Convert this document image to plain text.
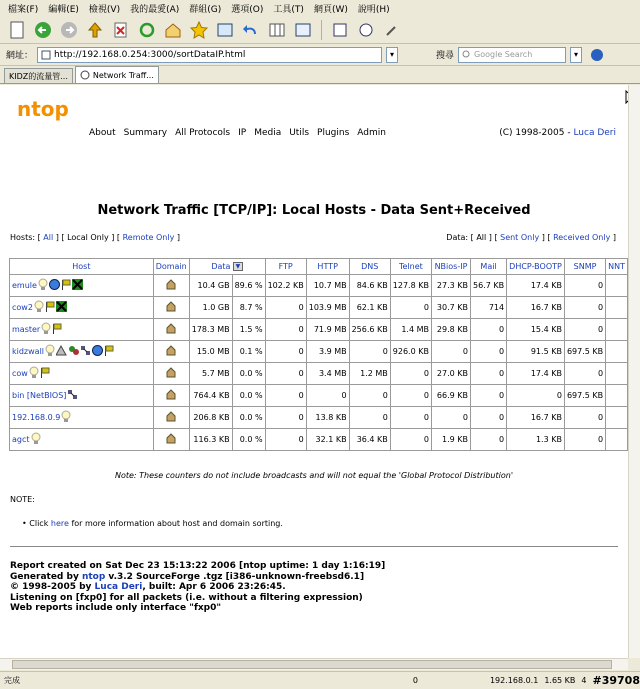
檔案(F) 編輯(E) 檢視(V) 我的最愛(A) 群組(G) 選項(O) 工具(T) 網頁(W) 說明(H)
網址： http://192.168.0.254:3000/sortDataIP.html	▾	搜尋	Google Search	▾
KIDZ的流量管...	Network Traff...
ntop
About Summary All Protocols IP Media Utils Plugins Admin	(C) 1998-2005 - Luca Deri
Network Traffic [TCP/IP]: Local Hosts - Data Sent+Received
Hosts: [ All ] [ Local Only ] [ Remote Only ]	Data: [ All ] [ Sent Only ] [ Received Only ]
Host	Domain	Data ▼		FTP	HTTP	DNS	Telnet	NBios-IP	Mail	DHCP-BOOTP	SNMP	NNT
emule		10.4 GB	89.6 %	102.2 KB	10.7 MB	84.6 KB	127.8 KB	27.3 KB	56.7 KB	17.4 KB	0	
cow2		1.0 GB	8.7 %	0	103.9 MB	62.1 KB	0	30.7 KB	714	16.7 KB	0	
master		178.3 MB	1.5 %	0	71.9 MB	256.6 KB	1.4 MB	29.8 KB	0	15.4 KB	0	
kidzwall		15.0 MB	0.1 %	0	3.9 MB	0	926.0 KB	0	0	91.5 KB	697.5 KB	
cow		5.7 MB	0.0 %	0	3.4 MB	1.2 MB	0	27.0 KB	0	17.4 KB	0	
bin [NetBIOS]		764.4 KB	0.0 %	0	0	0	0	66.9 KB	0	0	697.5 KB	
192.168.0.9		206.8 KB	0.0 %	0	13.8 KB	0	0	0	0	16.7 KB	0	
agct		116.3 KB	0.0 %	0	32.1 KB	36.4 KB	0	1.9 KB	0	1.3 KB	0	
Note: These counters do not include broadcasts and will not equal the 'Global Protocol Distribution'
NOTE:
• Click here for more information about host and domain sorting.
Report created on Sat Dec 23 15:13:22 2006 [ntop uptime: 1 day 1:16:19]
Generated by ntop v.3.2 SourceForge .tgz [i386-unknown-freebsd6.1]
© 1998-2005 by Luca Deri, built: Apr 6 2006 23:26:45.
Listening on [fxp0] for all packets (i.e. without a filtering expression)
Web reports include only interface "fxp0"
完成	0	192.168.0.1 1.65 KB 4 #39708
